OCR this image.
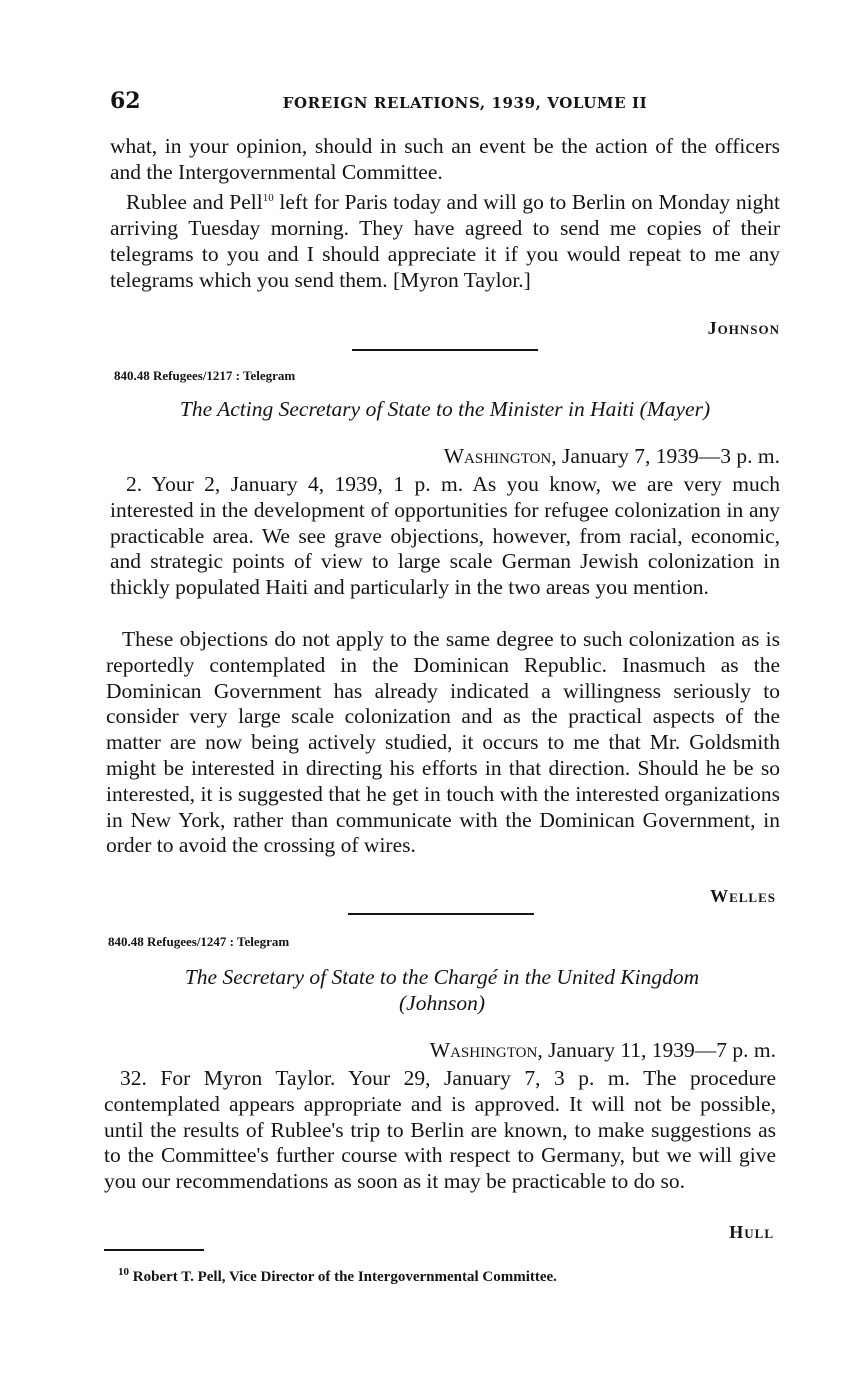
62	FOREIGN RELATIONS, 1939, VOLUME II

what, in your opinion, should in such an event be the action of the officers and the Intergovernmental Committee.

Rublee and Pell$^{10}$ left for Paris today and will go to Berlin on Monday night arriving Tuesday morning. They have agreed to send me copies of their telegrams to you and I should appreciate it if you would repeat to me any telegrams which you send them. [Myron Taylor.]

Johnson
840.48 Refugees/1217 : Telegram
The Acting Secretary of State to the Minister in Haiti (Mayer)
Washington, January 7, 1939—3 p. m.

2. Your 2, January 4, 1939, 1 p. m. As you know, we are very much interested in the development of opportunities for refugee colonization in any practicable area. We see grave objections, however, from racial, economic, and strategic points of view to large scale German Jewish colonization in thickly populated Haiti and particularly in the two areas you mention.

These objections do not apply to the same degree to such colonization as is reportedly contemplated in the Dominican Republic. Inasmuch as the Dominican Government has already indicated a willingness seriously to consider very large scale colonization and as the practical aspects of the matter are now being actively studied, it occurs to me that Mr. Goldsmith might be interested in directing his efforts in that direction. Should he be so interested, it is suggested that he get in touch with the interested organizations in New York, rather than communicate with the Dominican Government, in order to avoid the crossing of wires.

Welles
840.48 Refugees/1247 : Telegram
The Secretary of State to the Chargé in the United Kingdom
(Johnson)
Washington, January 11, 1939—7 p. m.

32. For Myron Taylor. Your 29, January 7, 3 p. m. The procedure contemplated appears appropriate and is approved. It will not be possible, until the results of Rublee's trip to Berlin are known, to make suggestions as to the Committee's further course with respect to Germany, but we will give you our recommendations as soon as it may be practicable to do so.

Hull
$^{10}$ Robert T. Pell, Vice Director of the Intergovernmental Committee.
